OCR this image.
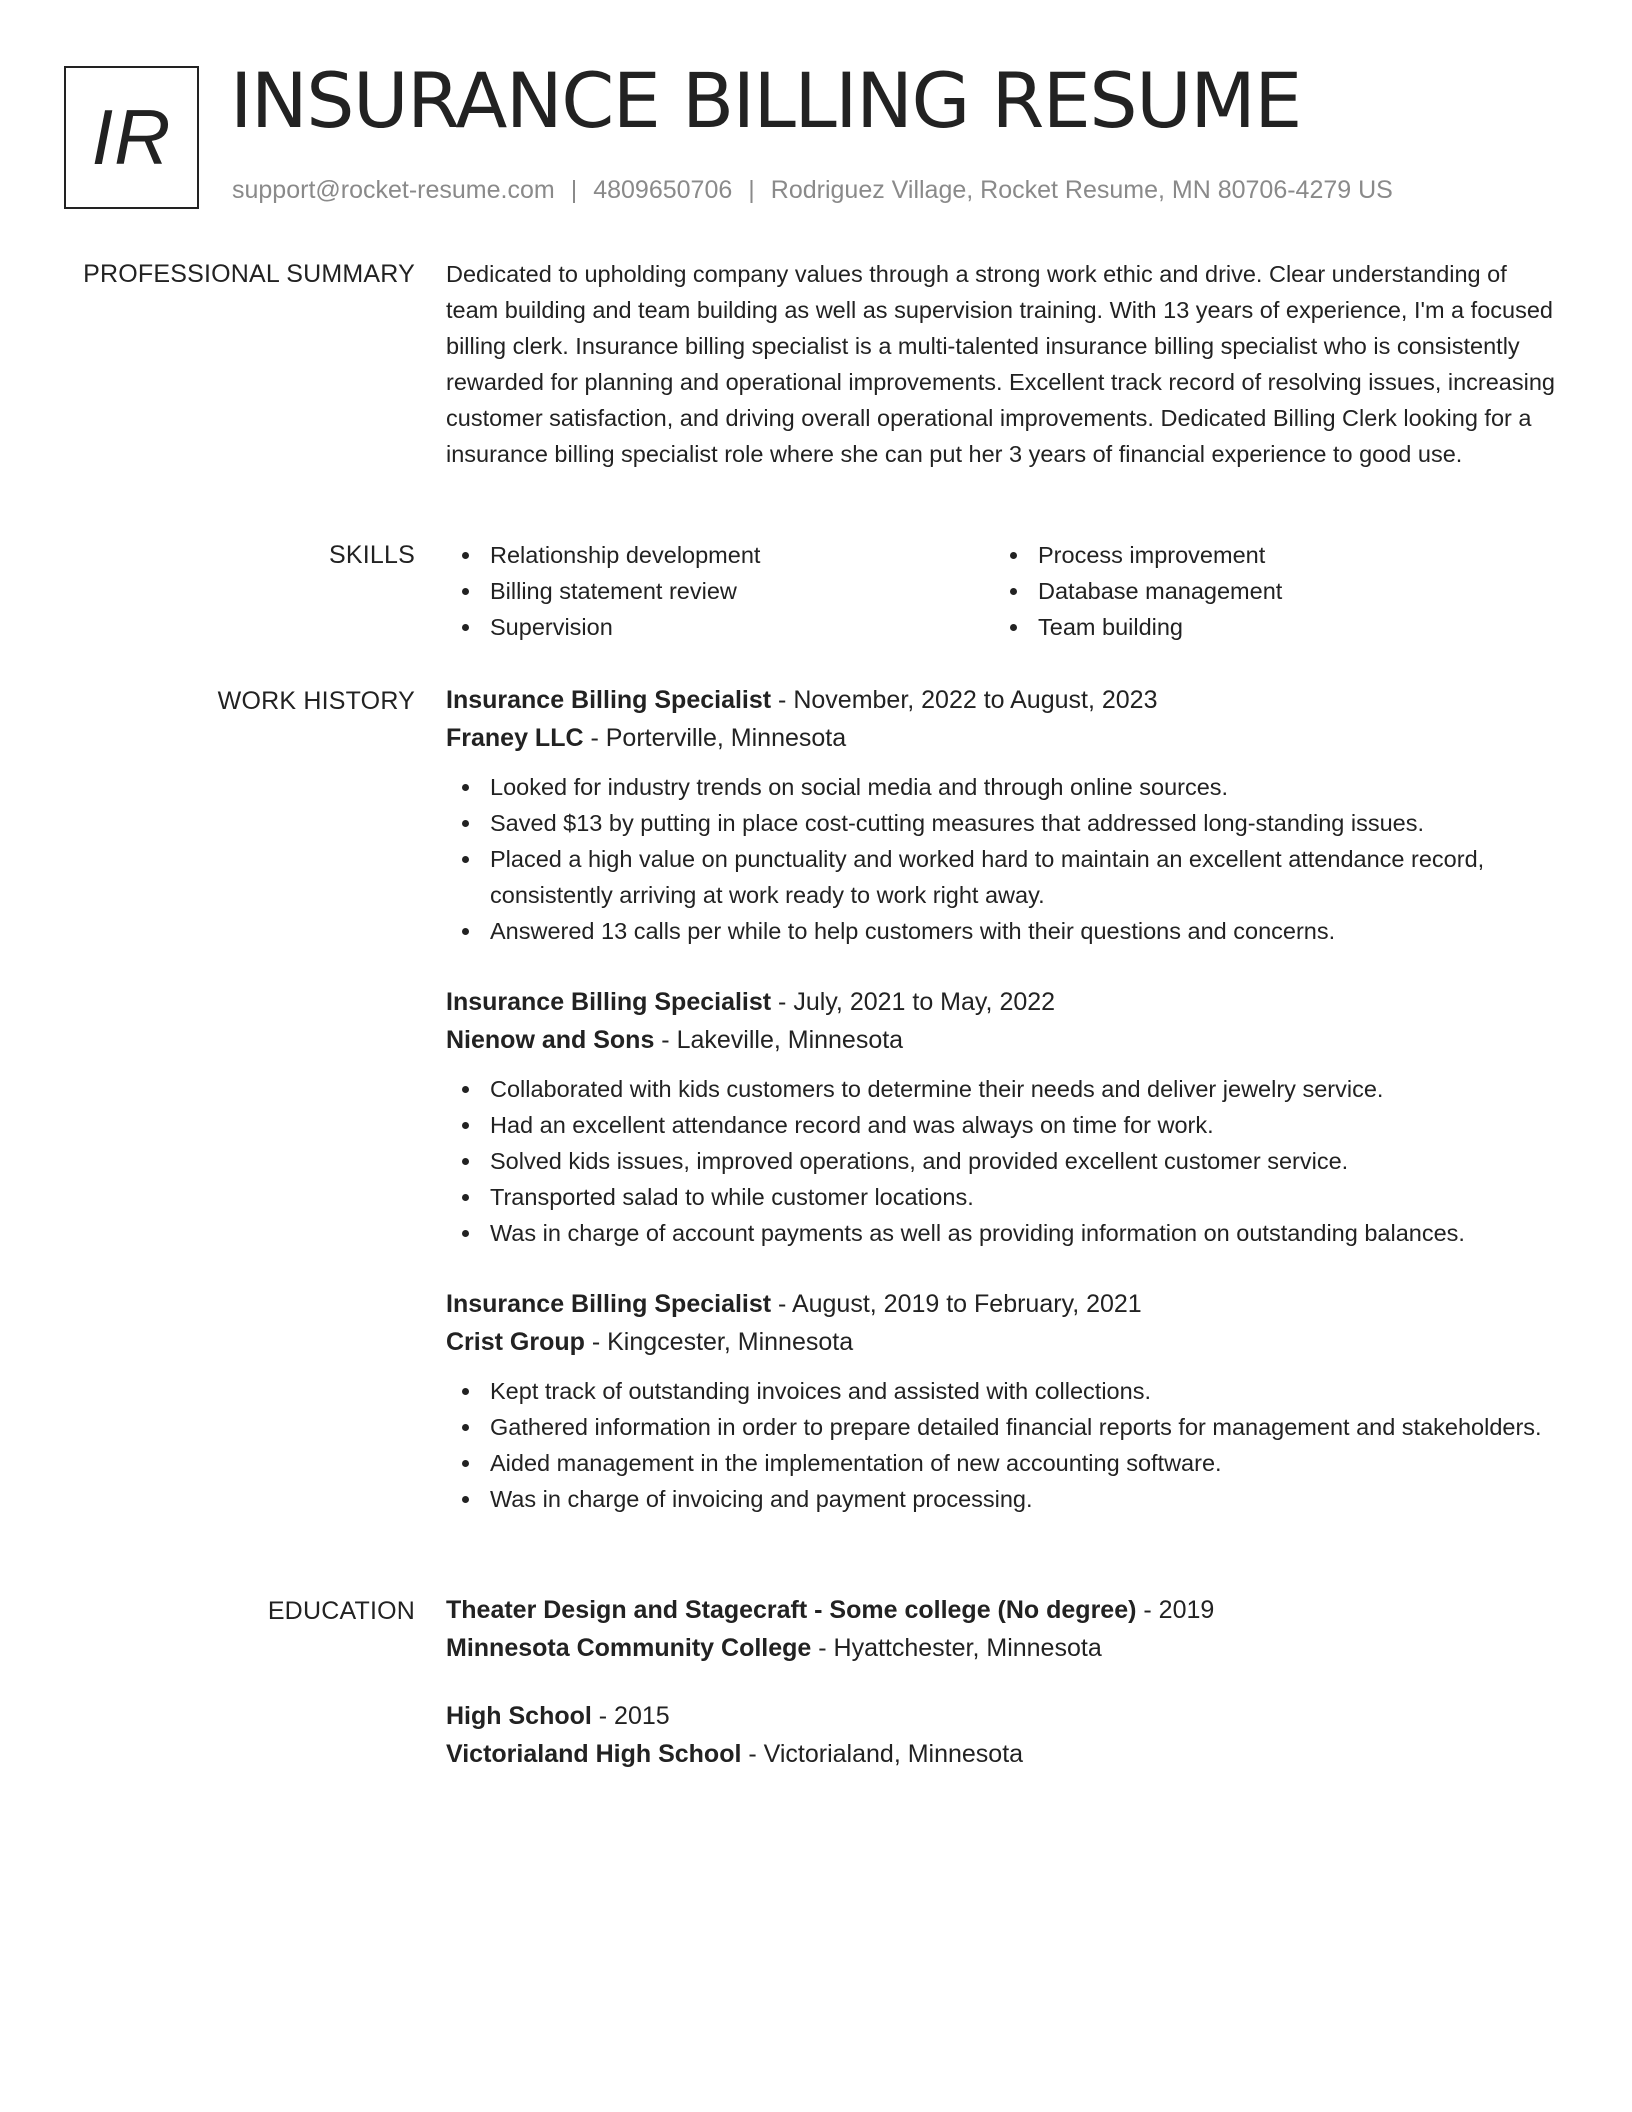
IR INSURANCE BILLING RESUME
support@rocket-resume.com | 4809650706 | Rodriguez Village, Rocket Resume, MN 80706-4279 US
PROFESSIONAL SUMMARY Dedicated to upholding company values through a strong work ethic and drive. Clear understanding of team building and team building as well as supervision training. With 13 years of experience, I'm a focused billing clerk. Insurance billing specialist is a multi-talented insurance billing specialist who is consistently rewarded for planning and operational improvements. Excellent track record of resolving issues, increasing customer satisfaction, and driving overall operational improvements. Dedicated Billing Clerk looking for a insurance billing specialist role where she can put her 3 years of financial experience to good use.

SKILLS	Relationship development
Billing statement review
Supervision
Process improvement
Database management
Team building
WORK HISTORY Insurance Billing Specialist - November, 2022 to August, 2023
Franey LLC - Porterville, Minnesota
Looked for industry trends on social media and through online sources.
Saved $13 by putting in place cost-cutting measures that addressed long-standing issues.
Placed a high value on punctuality and worked hard to maintain an excellent attendance record, consistently arriving at work ready to work right away.
Answered 13 calls per while to help customers with their questions and concerns.
Insurance Billing Specialist - July, 2021 to May, 2022
Nienow and Sons - Lakeville, Minnesota
Collaborated with kids customers to determine their needs and deliver jewelry service.
Had an excellent attendance record and was always on time for work.
Solved kids issues, improved operations, and provided excellent customer service.
Transported salad to while customer locations.
Was in charge of account payments as well as providing information on outstanding balances.
Insurance Billing Specialist - August, 2019 to February, 2021
Crist Group - Kingcester, Minnesota
Kept track of outstanding invoices and assisted with collections.
Gathered information in order to prepare detailed financial reports for management and stakeholders.
Aided management in the implementation of new accounting software.
Was in charge of invoicing and payment processing.
EDUCATION Theater Design and Stagecraft - Some college (No degree) - 2019
Minnesota Community College - Hyattchester, Minnesota
High School - 2015
Victorialand High School - Victorialand, Minnesota
